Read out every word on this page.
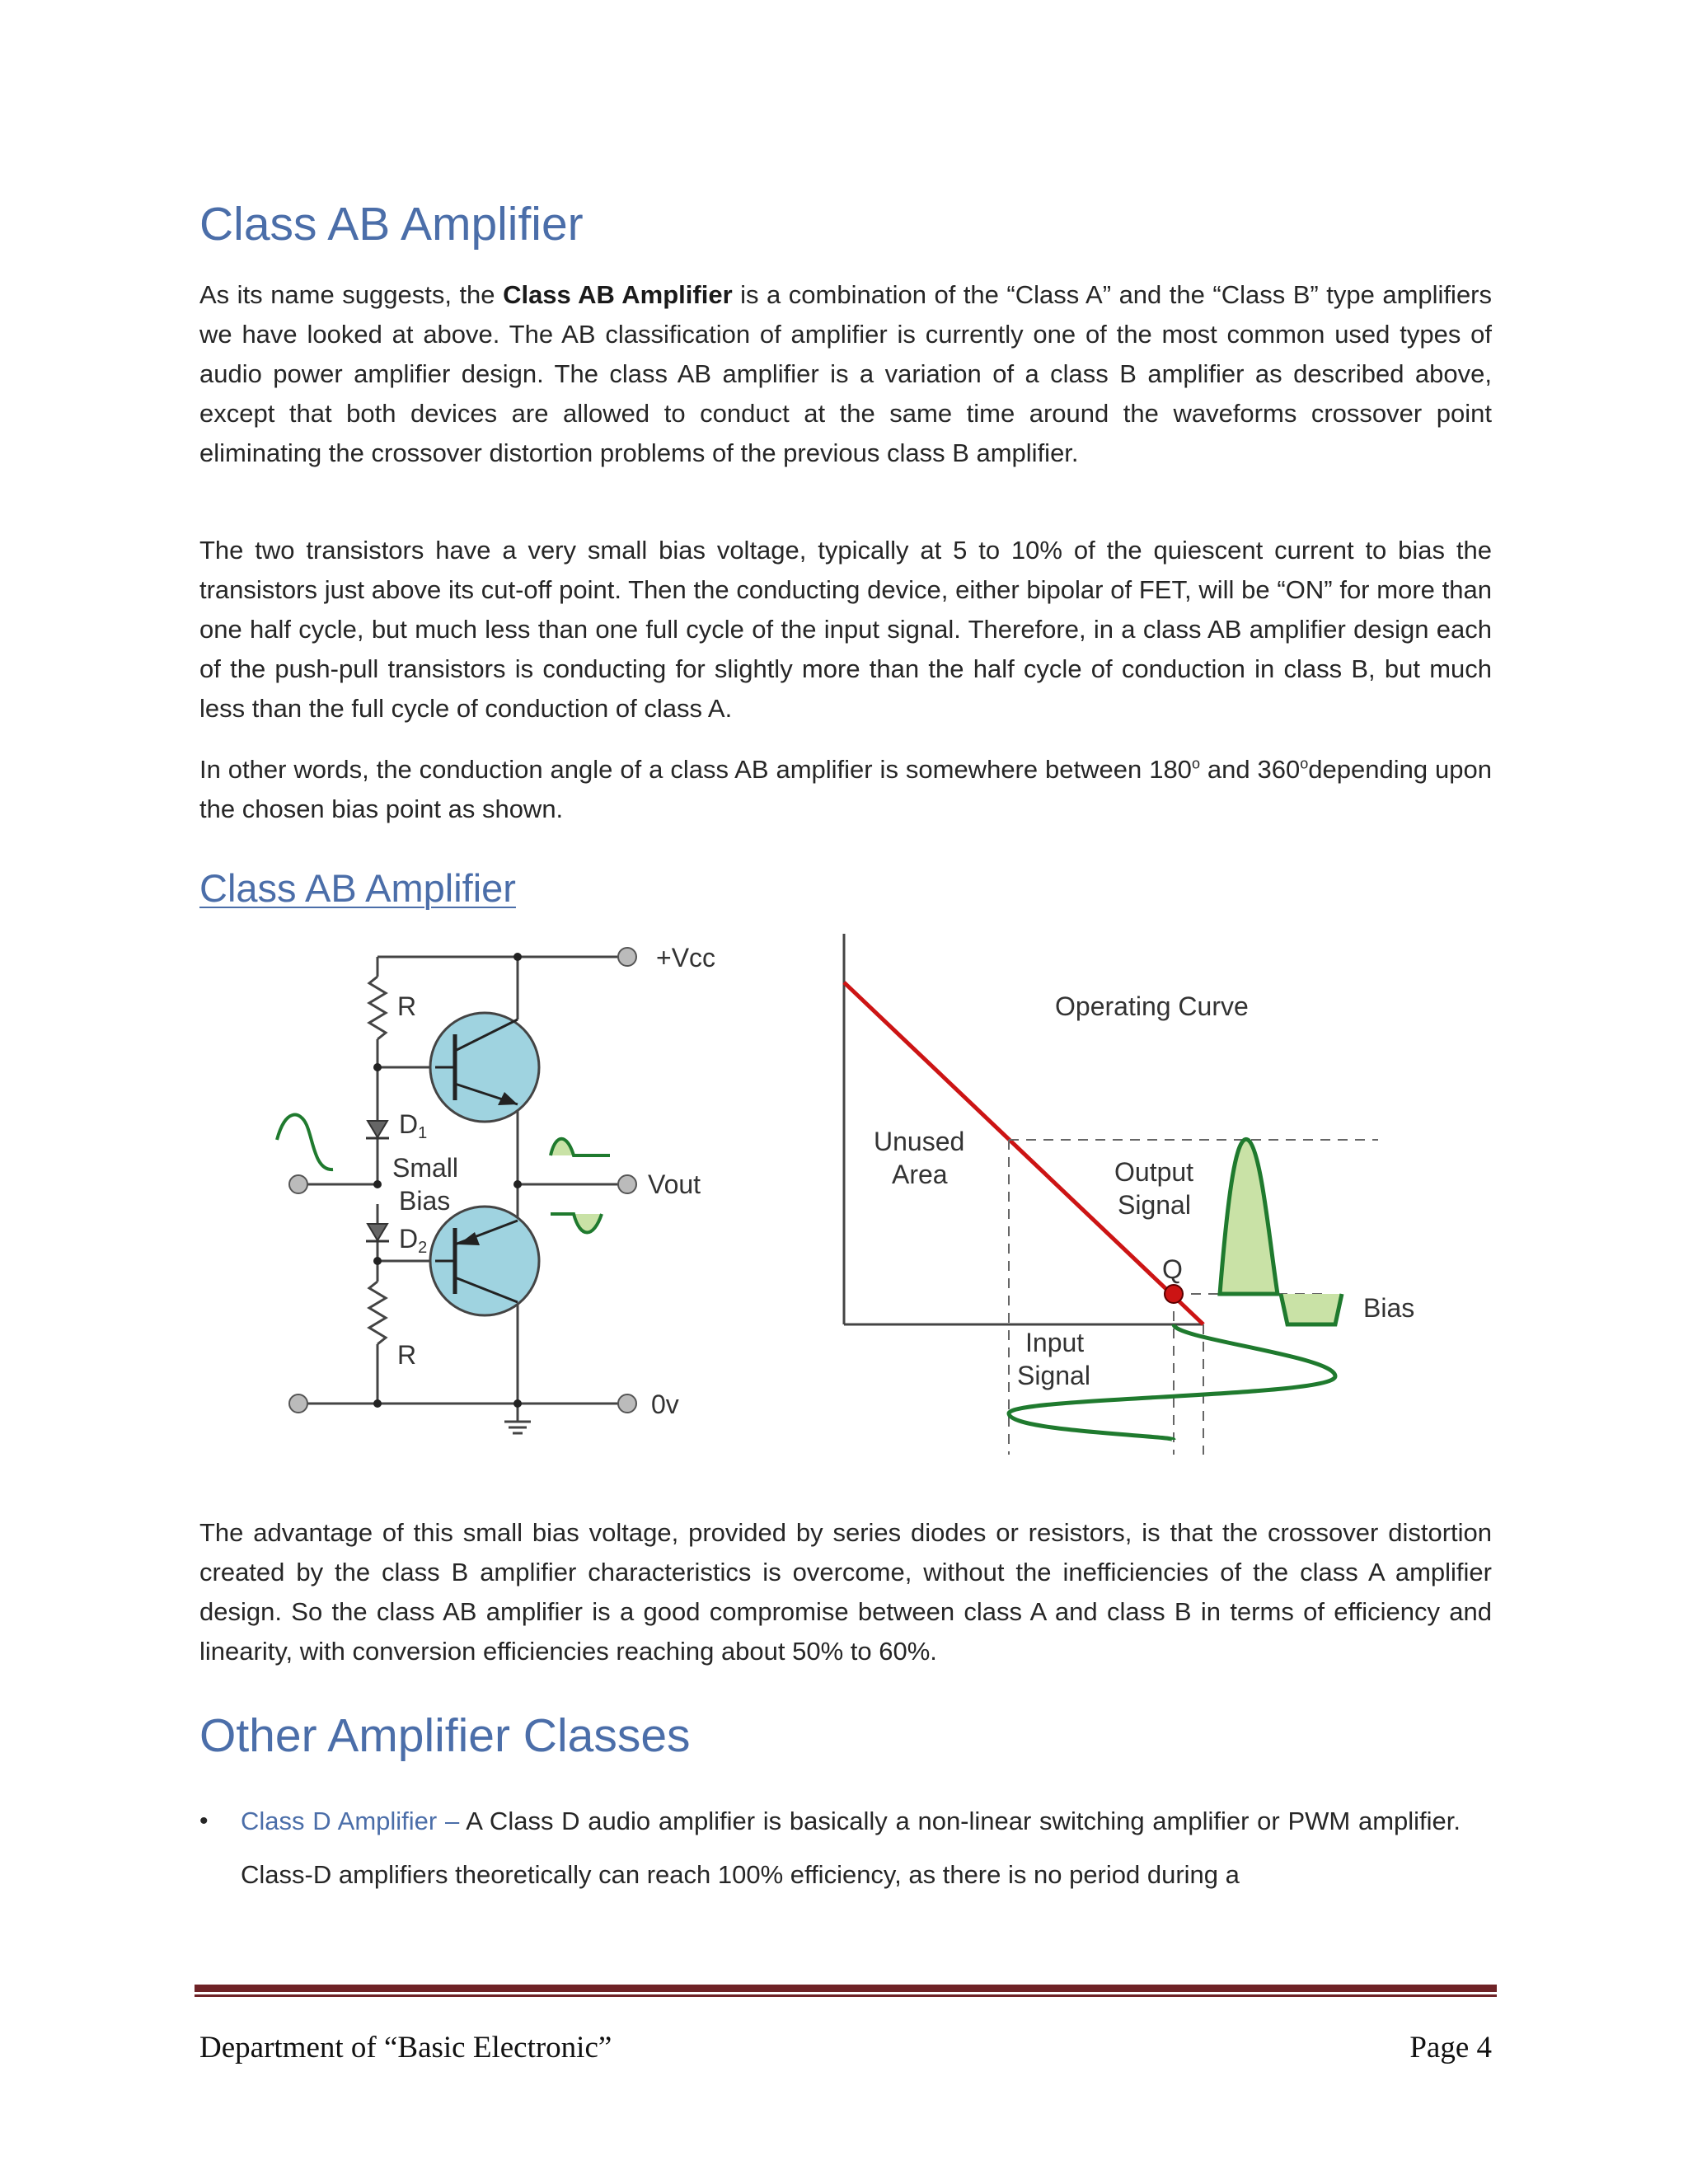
Class AB Amplifier

As its name suggests, the Class AB Amplifier is a combination of the “Class A” and the “Class B” type amplifiers we have looked at above. The AB classification of amplifier is currently one of the most common used types of audio power amplifier design. The class AB amplifier is a variation of a class B amplifier as described above, except that both devices are allowed to conduct at the same time around the waveforms crossover point eliminating the crossover distortion problems of the previous class B amplifier.

The two transistors have a very small bias voltage, typically at 5 to 10% of the quiescent current to bias the transistors just above its cut-off point. Then the conducting device, either bipolar of FET, will be “ON” for more than one half cycle, but much less than one full cycle of the input signal. Therefore, in a class AB amplifier design each of the push-pull transistors is conducting for slightly more than the half cycle of conduction in class B, but much less than the full cycle of conduction of class A.

In other words, the conduction angle of a class AB amplifier is somewhere between 180$^o$ and 360$^o$depending upon the chosen bias point as shown.

Class AB Amplifier
+Vcc
R
D1
Small
Bias
D2
R
Vout
0v
Operating Curve
Unused
Area	Output
Signal
Q
Bias
Input
Signal

The advantage of this small bias voltage, provided by series diodes or resistors, is that the crossover distortion created by the class B amplifier characteristics is overcome, without the inefficiencies of the class A amplifier design. So the class AB amplifier is a good compromise between class A and class B in terms of efficiency and linearity, with conversion efficiencies reaching about 50% to 60%.

Other Amplifier Classes
• Class D Amplifier – A Class D audio amplifier is basically a non-linear switching amplifier or PWM amplifier. Class-D amplifiers theoretically can reach 100% efficiency, as there is no period during a
Department of “Basic Electronic”	Page 4
